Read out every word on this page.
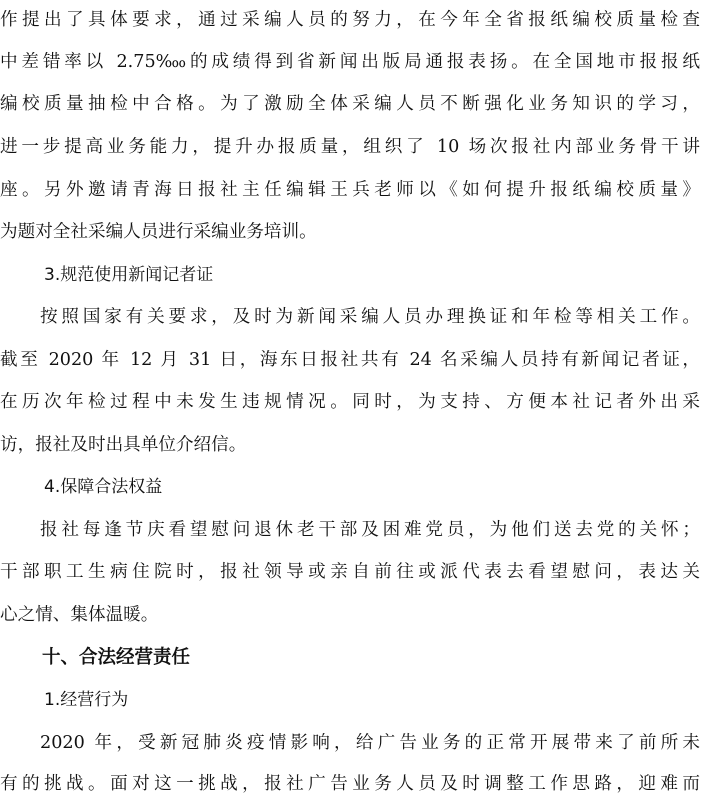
作提出了具体要求，通过采编人员的努力，在今年全省报纸编校质量检查
中差错率以 2.75‱的成绩得到省新闻出版局通报表扬。在全国地市报报纸
编校质量抽检中合格。为了激励全体采编人员不断强化业务知识的学习，
进一步提高业务能力，提升办报质量，组织了 10 场次报社内部业务骨干讲
座。另外邀请青海日报社主任编辑王兵老师以《如何提升报纸编校质量》
为题对全社采编人员进行采编业务培训。
3.规范使用新闻记者证
按照国家有关要求，及时为新闻采编人员办理换证和年检等相关工作。
截至 2020 年 12 月 31 日，海东日报社共有 24 名采编人员持有新闻记者证，
在历次年检过程中未发生违规情况。同时，为支持、方便本社记者外出采
访，报社及时出具单位介绍信。
4.保障合法权益
报社每逢节庆看望慰问退休老干部及困难党员，为他们送去党的关怀；
干部职工生病住院时，报社领导或亲自前往或派代表去看望慰问，表达关
心之情、集体温暖。
十、合法经营责任
1.经营行为
2020 年，受新冠肺炎疫情影响，给广告业务的正常开展带来了前所未
有的挑战。面对这一挑战，报社广告业务人员及时调整工作思路，迎难而
